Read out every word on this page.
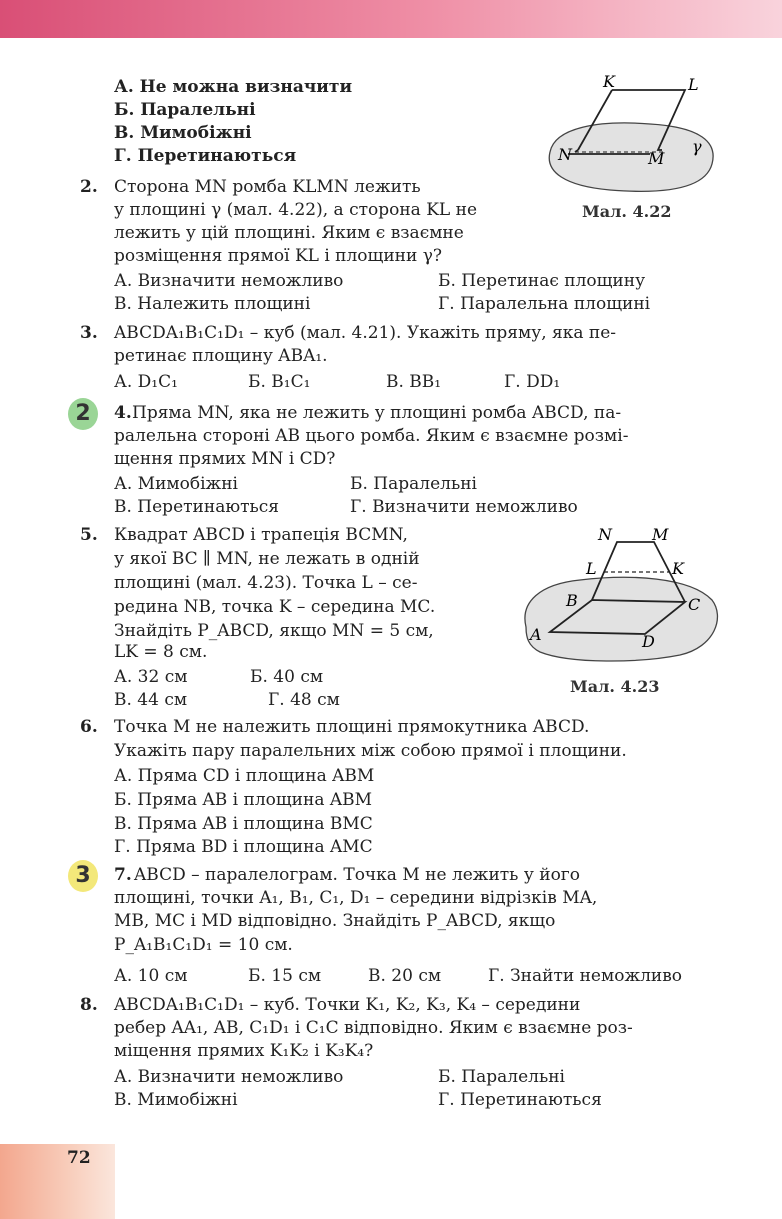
А. Не можна визначити
Б. Паралельні
В. Мимобіжні
Г. Перетинаються
K	L
N	M
γ
Мал. 4.22
2. Сторона MN ромба KLMN лежить
у площині γ (мал. 4.22), а сторона KL не
лежить у цій площині. Яким є взаємне
розміщення прямої KL і площини γ?
А. Визначити неможливо	Б. Перетинає площину
В. Належить площині	Г. Паралельна площині
3. ABCDA₁B₁C₁D₁ – куб (мал. 4.21). Укажіть пряму, яка пе-
ретинає площину ABA₁.
А. D₁C₁	Б. B₁C₁	В. BB₁	Г. DD₁
2	4. Пряма MN, яка не лежить у площині ромба ABCD, па-
ралельна стороні AB цього ромба. Яким є взаємне розмі-
щення прямих MN і CD?
А. Мимобіжні	Б. Паралельні
В. Перетинаються	Г. Визначити неможливо
5. Квадрат ABCD і трапеція BCMN,
у якої BC ∥ MN, не лежать в одній
площині (мал. 4.23). Точка L – се-
редина NB, точка K – середина MC.
Знайдіть P_ABCD, якщо MN = 5 см,
LK = 8 см.
А. 32 см	Б. 40 см
В. 44 см	Г. 48 см
N	M
L	K
B	C
A	D
Мал. 4.23
6. Точка M не належить площині прямокутника ABCD.
Укажіть пару паралельних між собою прямої і площини.
А. Пряма CD і площина ABM
Б. Пряма AB і площина ABM
В. Пряма AB і площина BMC
Г. Пряма BD і площина AMC
3	7. ABCD – паралелограм. Точка M не лежить у його
площині, точки A₁, B₁, C₁, D₁ – середини відрізків MA,
MB, MC і MD відповідно. Знайдіть P_ABCD, якщо
P_A₁B₁C₁D₁ = 10 см.
А. 10 см	Б. 15 см	В. 20 см	Г. Знайти неможливо
8. ABCDA₁B₁C₁D₁ – куб. Точки K₁, K₂, K₃, K₄ – середини
ребер AA₁, AB, C₁D₁ і C₁C відповідно. Яким є взаємне роз-
міщення прямих K₁K₂ і K₃K₄?
А. Визначити неможливо	Б. Паралельні
В. Мимобіжні	Г. Перетинаються
72
